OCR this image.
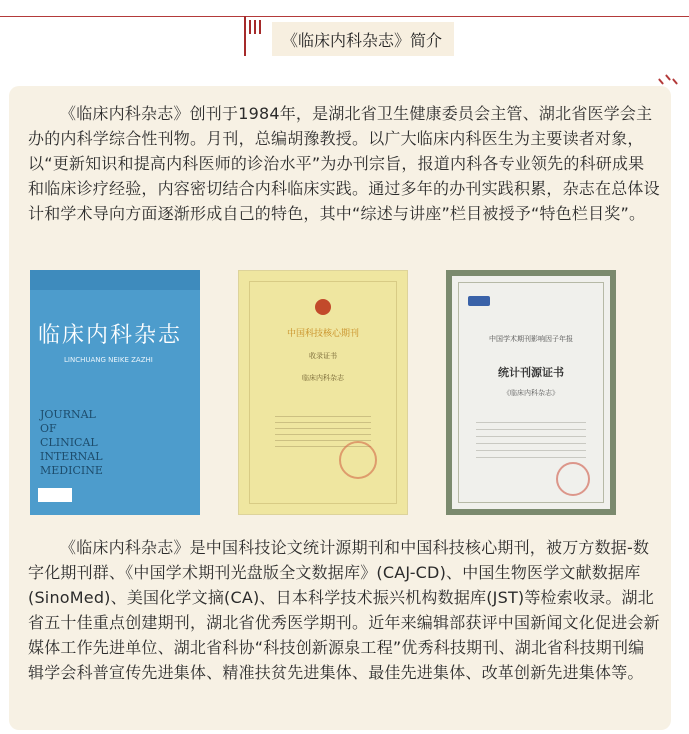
《临床内科杂志》简介

《临床内科杂志》创刊于1984年，是湖北省卫生健康委员会主管、湖北省医学会主办的内科学综合性刊物。月刊，总编胡豫教授。以广大临床内科医生为主要读者对象，以“更新知识和提高内科医师的诊治水平”为办刊宗旨，报道内科各专业领先的科研成果和临床诊疗经验，内容密切结合内科临床实践。通过多年的办刊实践积累，杂志在总体设计和学术导向方面逐渐形成自己的特色，其中“综述与讲座”栏目被授予“特色栏目奖”。

临床内科杂志
LINCHUANG NEIKE ZAZHI
JOURNAL OF CLINICAL INTERNAL MEDICINE
中国科技核心期刊
收录证书
临床内科杂志
中国学术期刊影响因子年报
统计刊源证书
《临床内科杂志》

《临床内科杂志》是中国科技论文统计源期刊和中国科技核心期刊，被万方数据-数字化期刊群、《中国学术期刊光盘版全文数据库》(CAJ-CD)、中国生物医学文献数据库(SinoMed)、美国化学文摘(CA)、日本科学技术振兴机构数据库(JST)等检索收录。湖北省五十佳重点创建期刊，湖北省优秀医学期刊。近年来编辑部获评中国新闻文化促进会新媒体工作先进单位、湖北省科协“科技创新源泉工程”优秀科技期刊、湖北省科技期刊编辑学会科普宣传先进集体、精准扶贫先进集体、最佳先进集体、改革创新先进集体等。
